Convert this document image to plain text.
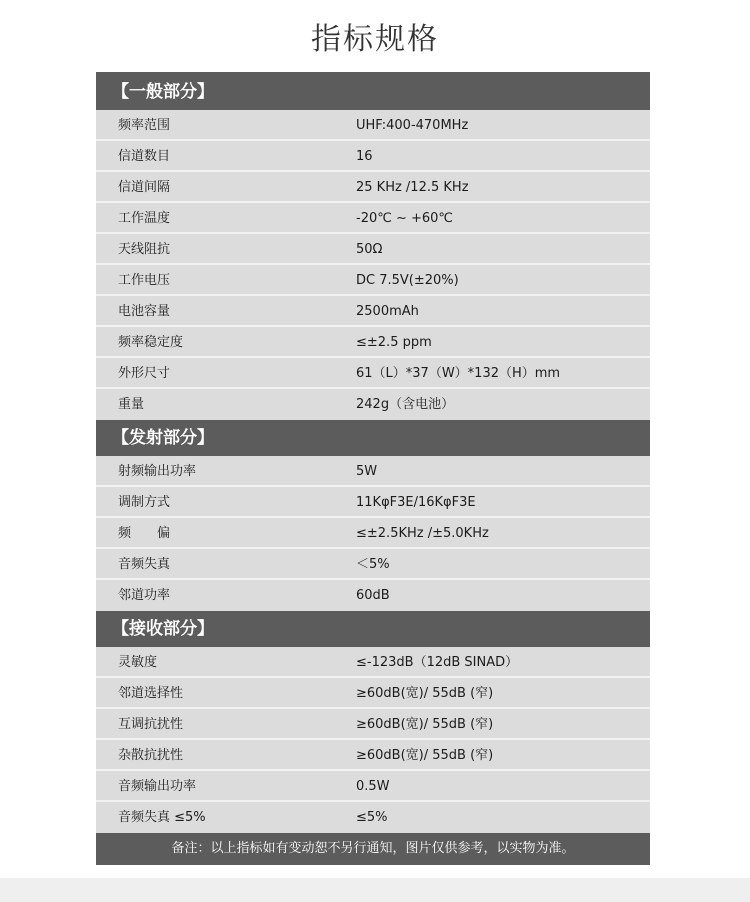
指标规格
【一般部分】
频率范围	UHF:400-470MHz
信道数目	16
信道间隔	25 KHz /12.5 KHz
工作温度	-20℃ ~ +60℃
天线阻抗	50Ω
工作电压	DC 7.5V(±20%)
电池容量	2500mAh
频率稳定度	≤±2.5 ppm
外形尺寸	61（L）*37（W）*132（H）mm
重量	242g（含电池）
【发射部分】
射频输出功率	5W
调制方式	11KφF3E/16KφF3E
频　　偏	≤±2.5KHz /±5.0KHz
音频失真	＜5%
邻道功率	60dB
【接收部分】
灵敏度	≤-123dB（12dB SINAD）
邻道选择性	≥60dB(宽)/ 55dB (窄)
互调抗扰性	≥60dB(宽)/ 55dB (窄)
杂散抗扰性	≥60dB(宽)/ 55dB (窄)
音频输出功率	0.5W
音频失真 ≤5%	≤5%
备注：以上指标如有变动恕不另行通知，图片仅供参考，以实物为准。
